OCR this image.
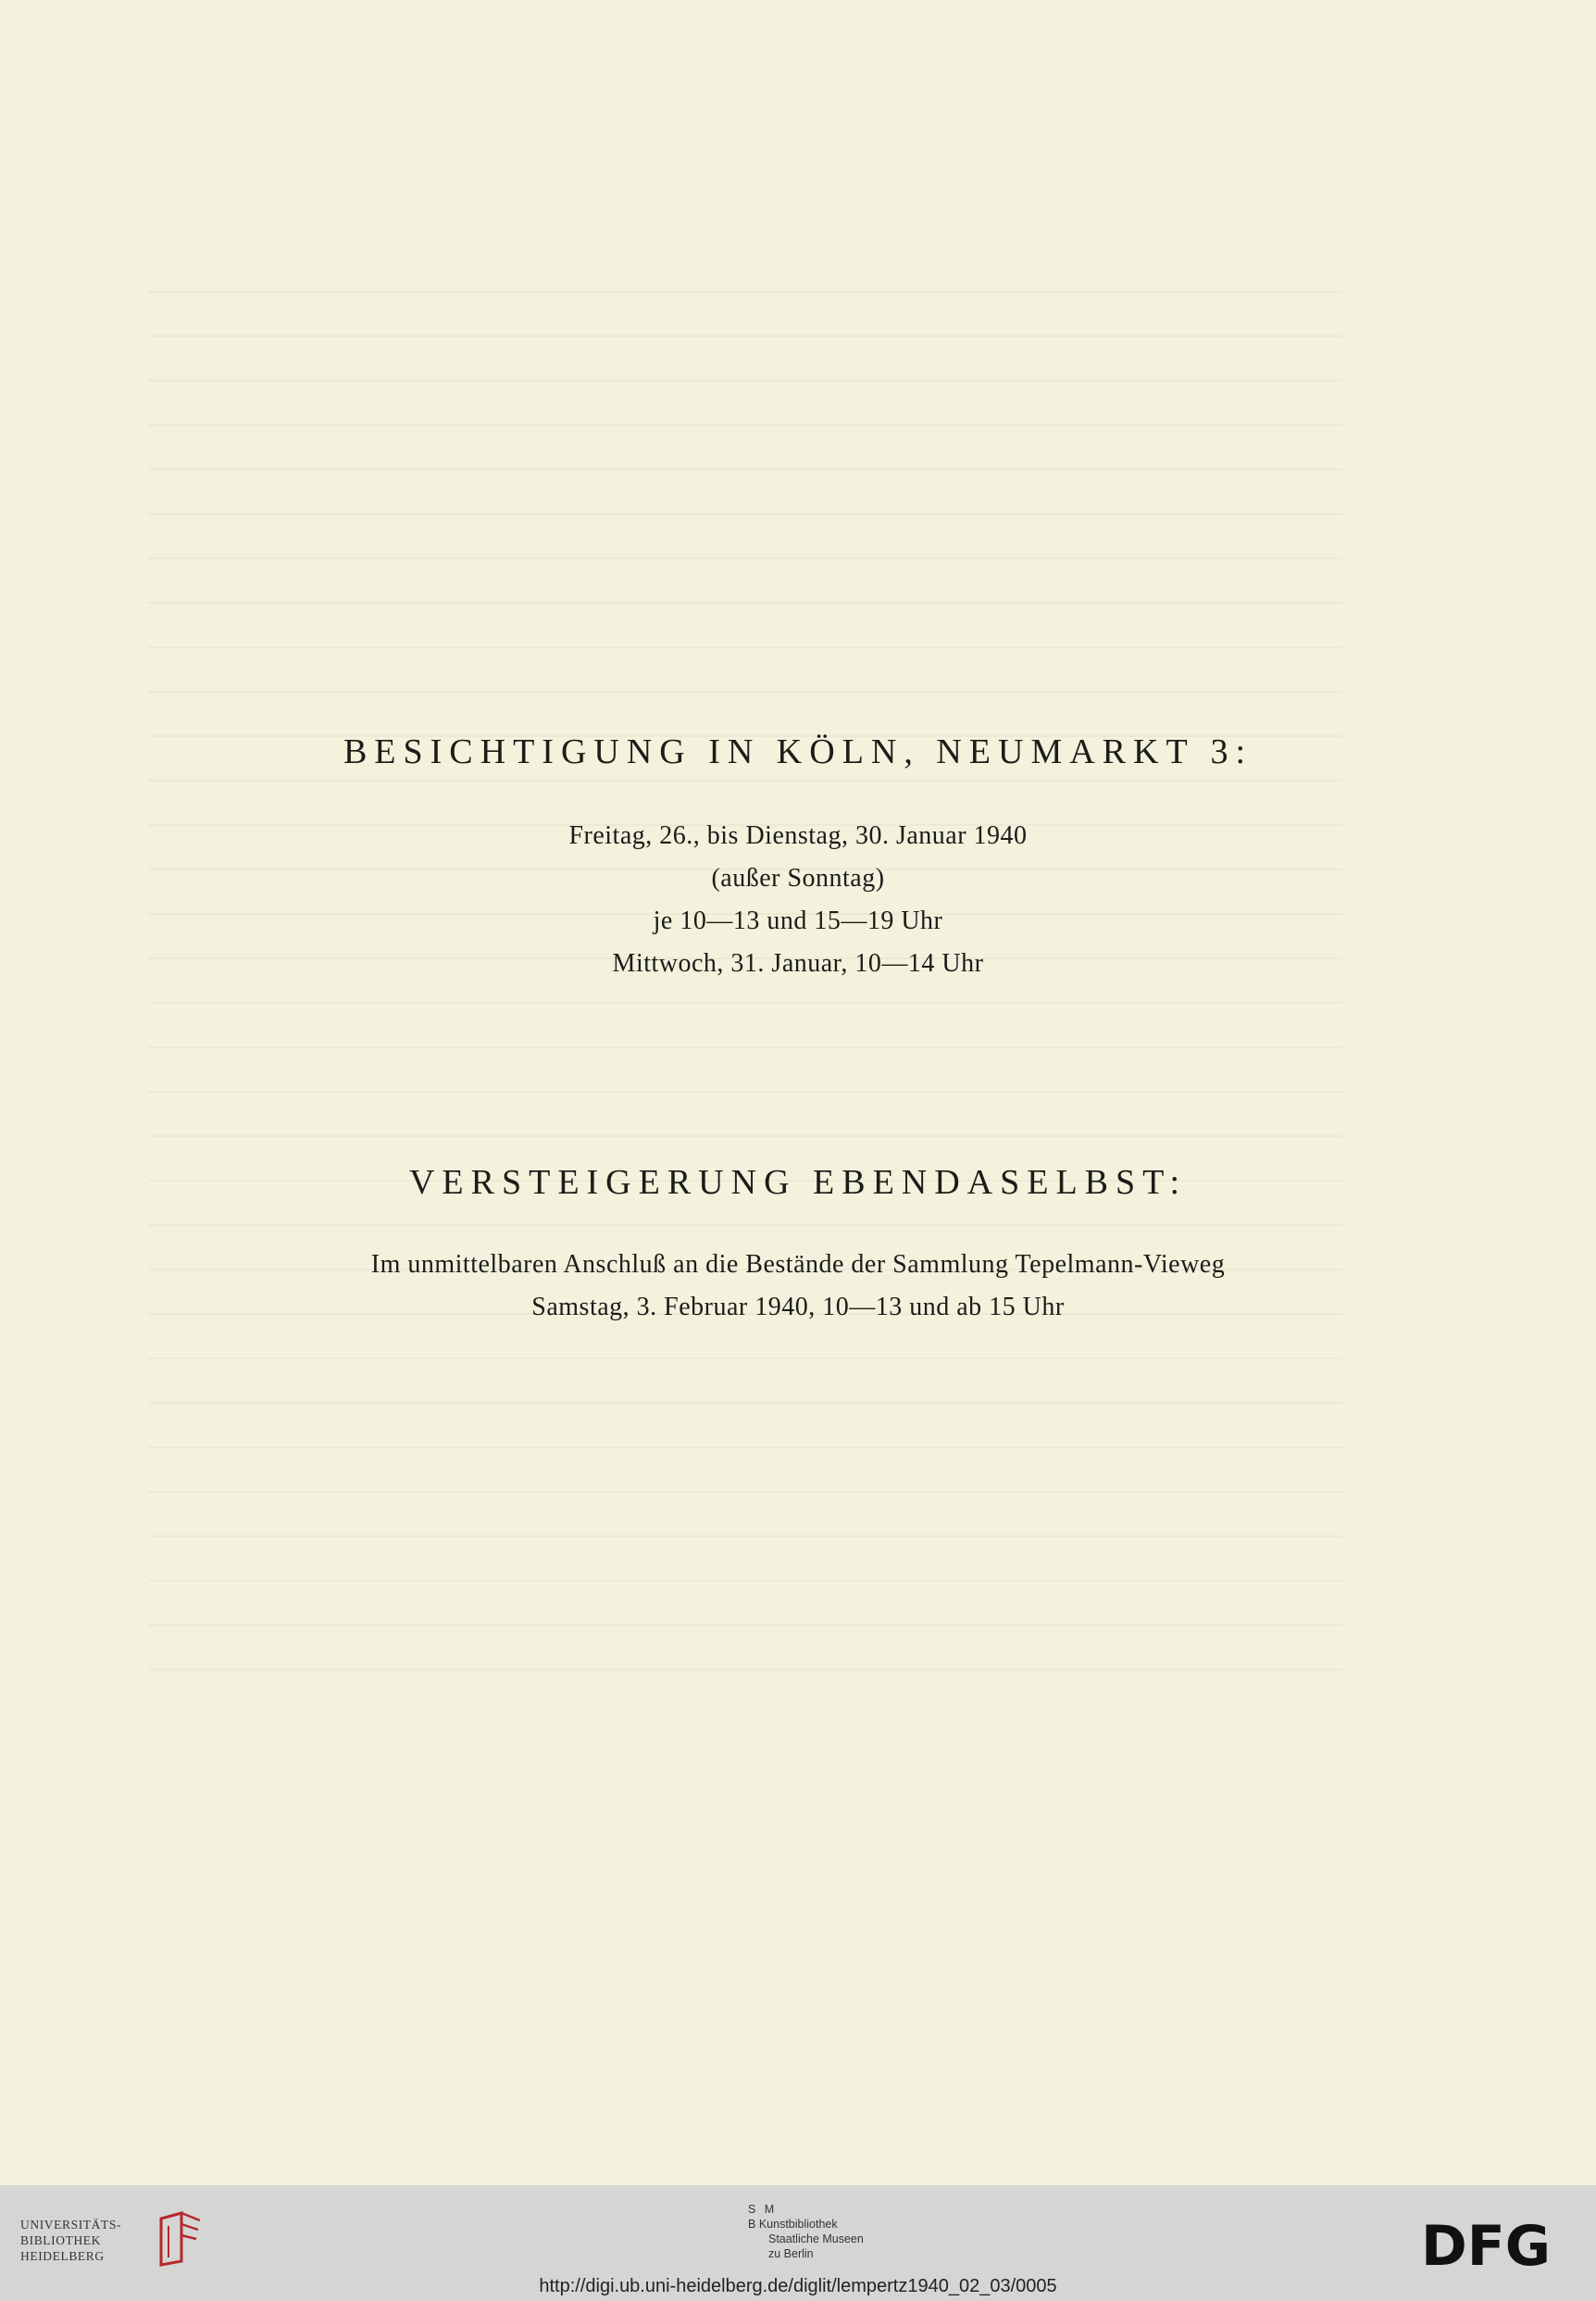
BESICHTIGUNG IN KÖLN, NEUMARKT 3:
Freitag, 26., bis Dienstag, 30. Januar 1940
(außer Sonntag)
je 10—13 und 15—19 Uhr
Mittwoch, 31. Januar, 10—14 Uhr
VERSTEIGERUNG EBENDASELBST:
Im unmittelbaren Anschluß an die Bestände der Sammlung Tepelmann-Vieweg
Samstag, 3. Februar 1940, 10—13 und ab 15 Uhr
UNIVERSITÄTS-
BIBLIOTHEK
HEIDELBERG
S M
B Kunstbibliothek
Staatliche Museen
zu Berlin	DFG
http://digi.ub.uni-heidelberg.de/diglit/lempertz1940_02_03/0005
